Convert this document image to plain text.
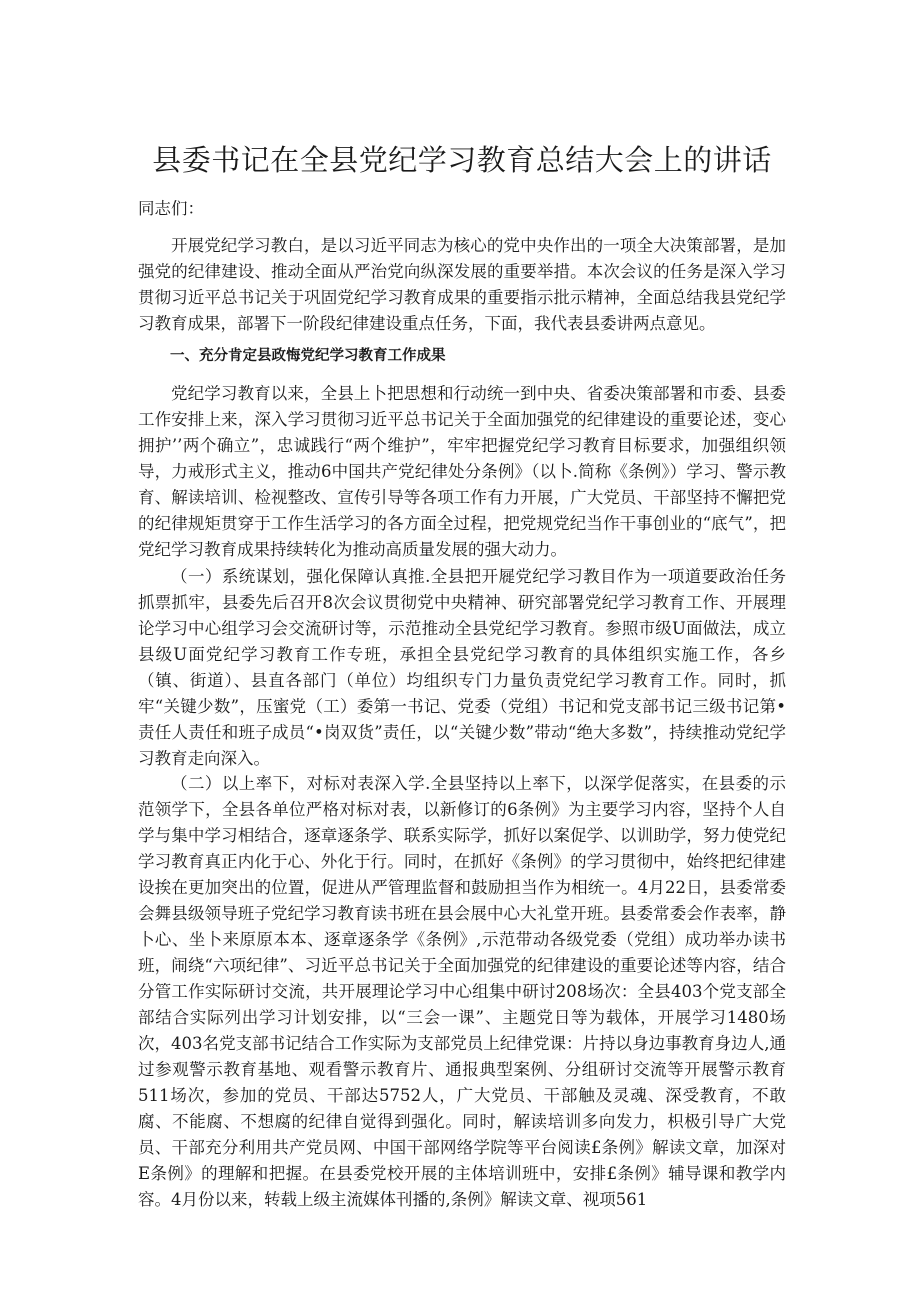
县委书记在全县党纪学习教育总结大会上的讲话

同志们：

开展党纪学习教白，是以习近平同志为核心的党中央作出的一项全大决策部署，是加强党的纪律建设、推动全面从严治党向纵深发展的重要举措。本次会议的任务是深入学习贯彻习近平总书记关于巩固党纪学习教育成果的重要指示批示精神，全面总结我县党纪学习教育成果，部署下一阶段纪律建设重点任务，下面，我代表县委讲两点意见。

一、充分肯定县政悔党纪学习教育工作成果

党纪学习教育以来，全县上卜把思想和行动统一到中央、省委决策部署和市委、县委工作安排上来，深入学习贯彻习近平总书记关于全面加强党的纪律建设的重要论述，变心拥护’’两个确立”，忠诚践行“两个维护”，牢牢把握党纪学习教育目标要求，加强组织领导，力戒形式主义，推动6中国共产党纪律处分条例》（以卜.简称《条例》）学习、警示教育、解读培训、检视整改、宣传引导等各项工作有力开展，广大党员、干部坚持不懈把党的纪律规矩贯穿于工作生活学习的各方面全过程，把党规党纪当作干事创业的“底气”，把党纪学习教育成果持续转化为推动高质量发展的强大动力。

（一）系统谋划，强化保障认真推.全县把开屣党纪学习教目作为一项道要政治任务抓票抓牢，县委先后召开8次会议贯彻党中央精神、研究部署党纪学习教育工作、开展理论学习中心组学习会交流研讨等，示范推动全县党纪学习教育。参照市级U面做法，成立县级U面党纪学习教育工作专班，承担全县党纪学习教育的具体组织实施工作，各乡（镇、街道）、县直各部门（单位）均组织专门力量负责党纪学习教育工作。同时，抓牢“关键少数”，压蜜党（工）委第一书记、党委（党组）书记和党支部书记三级书记第•责任人责任和班子成员“•岗双货”责任，以“关键少数”带动“绝大多数”，持续推动党纪学习教育走向深入。

（二）以上率下，对标对表深入学.全县坚持以上率下，以深学促落实，在县委的示范领学下，全县各单位严格对标对表，以新修订的6条例》为主要学习内容，坚持个人自学与集中学习相结合，逐章逐条学、联系实际学，抓好以案促学、以训助学，努力使党纪学习教育真正内化于心、外化于行。同时，在抓好《条例》的学习贯彻中，始终把纪律建设挨在更加突出的位置，促进从严管理监督和鼓励担当作为相统一。4月22日，县委常委会舞县级领导班子党纪学习教育读书班在县会展中心大礼堂开班。县委常委会作表率，静卜心、坐卜来原原本本、逐章逐条学《条例》,示范带动各级党委（党组）成功举办读书班，闹绕“六项纪律”、习近平总书记关于全面加强党的纪律建设的重要论述等内容，结合分管工作实际研讨交流，共开展理论学习中心组集中研讨208场次：全县403个党支部全部结合实际列出学习计划安排，以“三会一课”、主题党日等为载体，开展学习1480场次，403名党支部书记结合工作实际为支部党员上纪律党课：片持以身边事教育身边人,通过参观警示教育基地、观看警示教育片、通报典型案例、分组研讨交流等开展警示教育511场次，参加的党员、干部达5752人，广大党员、干部触及灵魂、深受教育，不敢腐、不能腐、不想腐的纪律自觉得到强化。同时，解读培训多向发力，枳极引导广大党员、干部充分利用共产党员网、中国干部网络学院等平台阅读£条例》解读文章，加深对E条例》的理解和把握。在县委党校开展的主体培训班中，安排£条例》辅导课和教学内容。4月份以来，转载上级主流媒体刊播的,条例》解读文章、视项561
